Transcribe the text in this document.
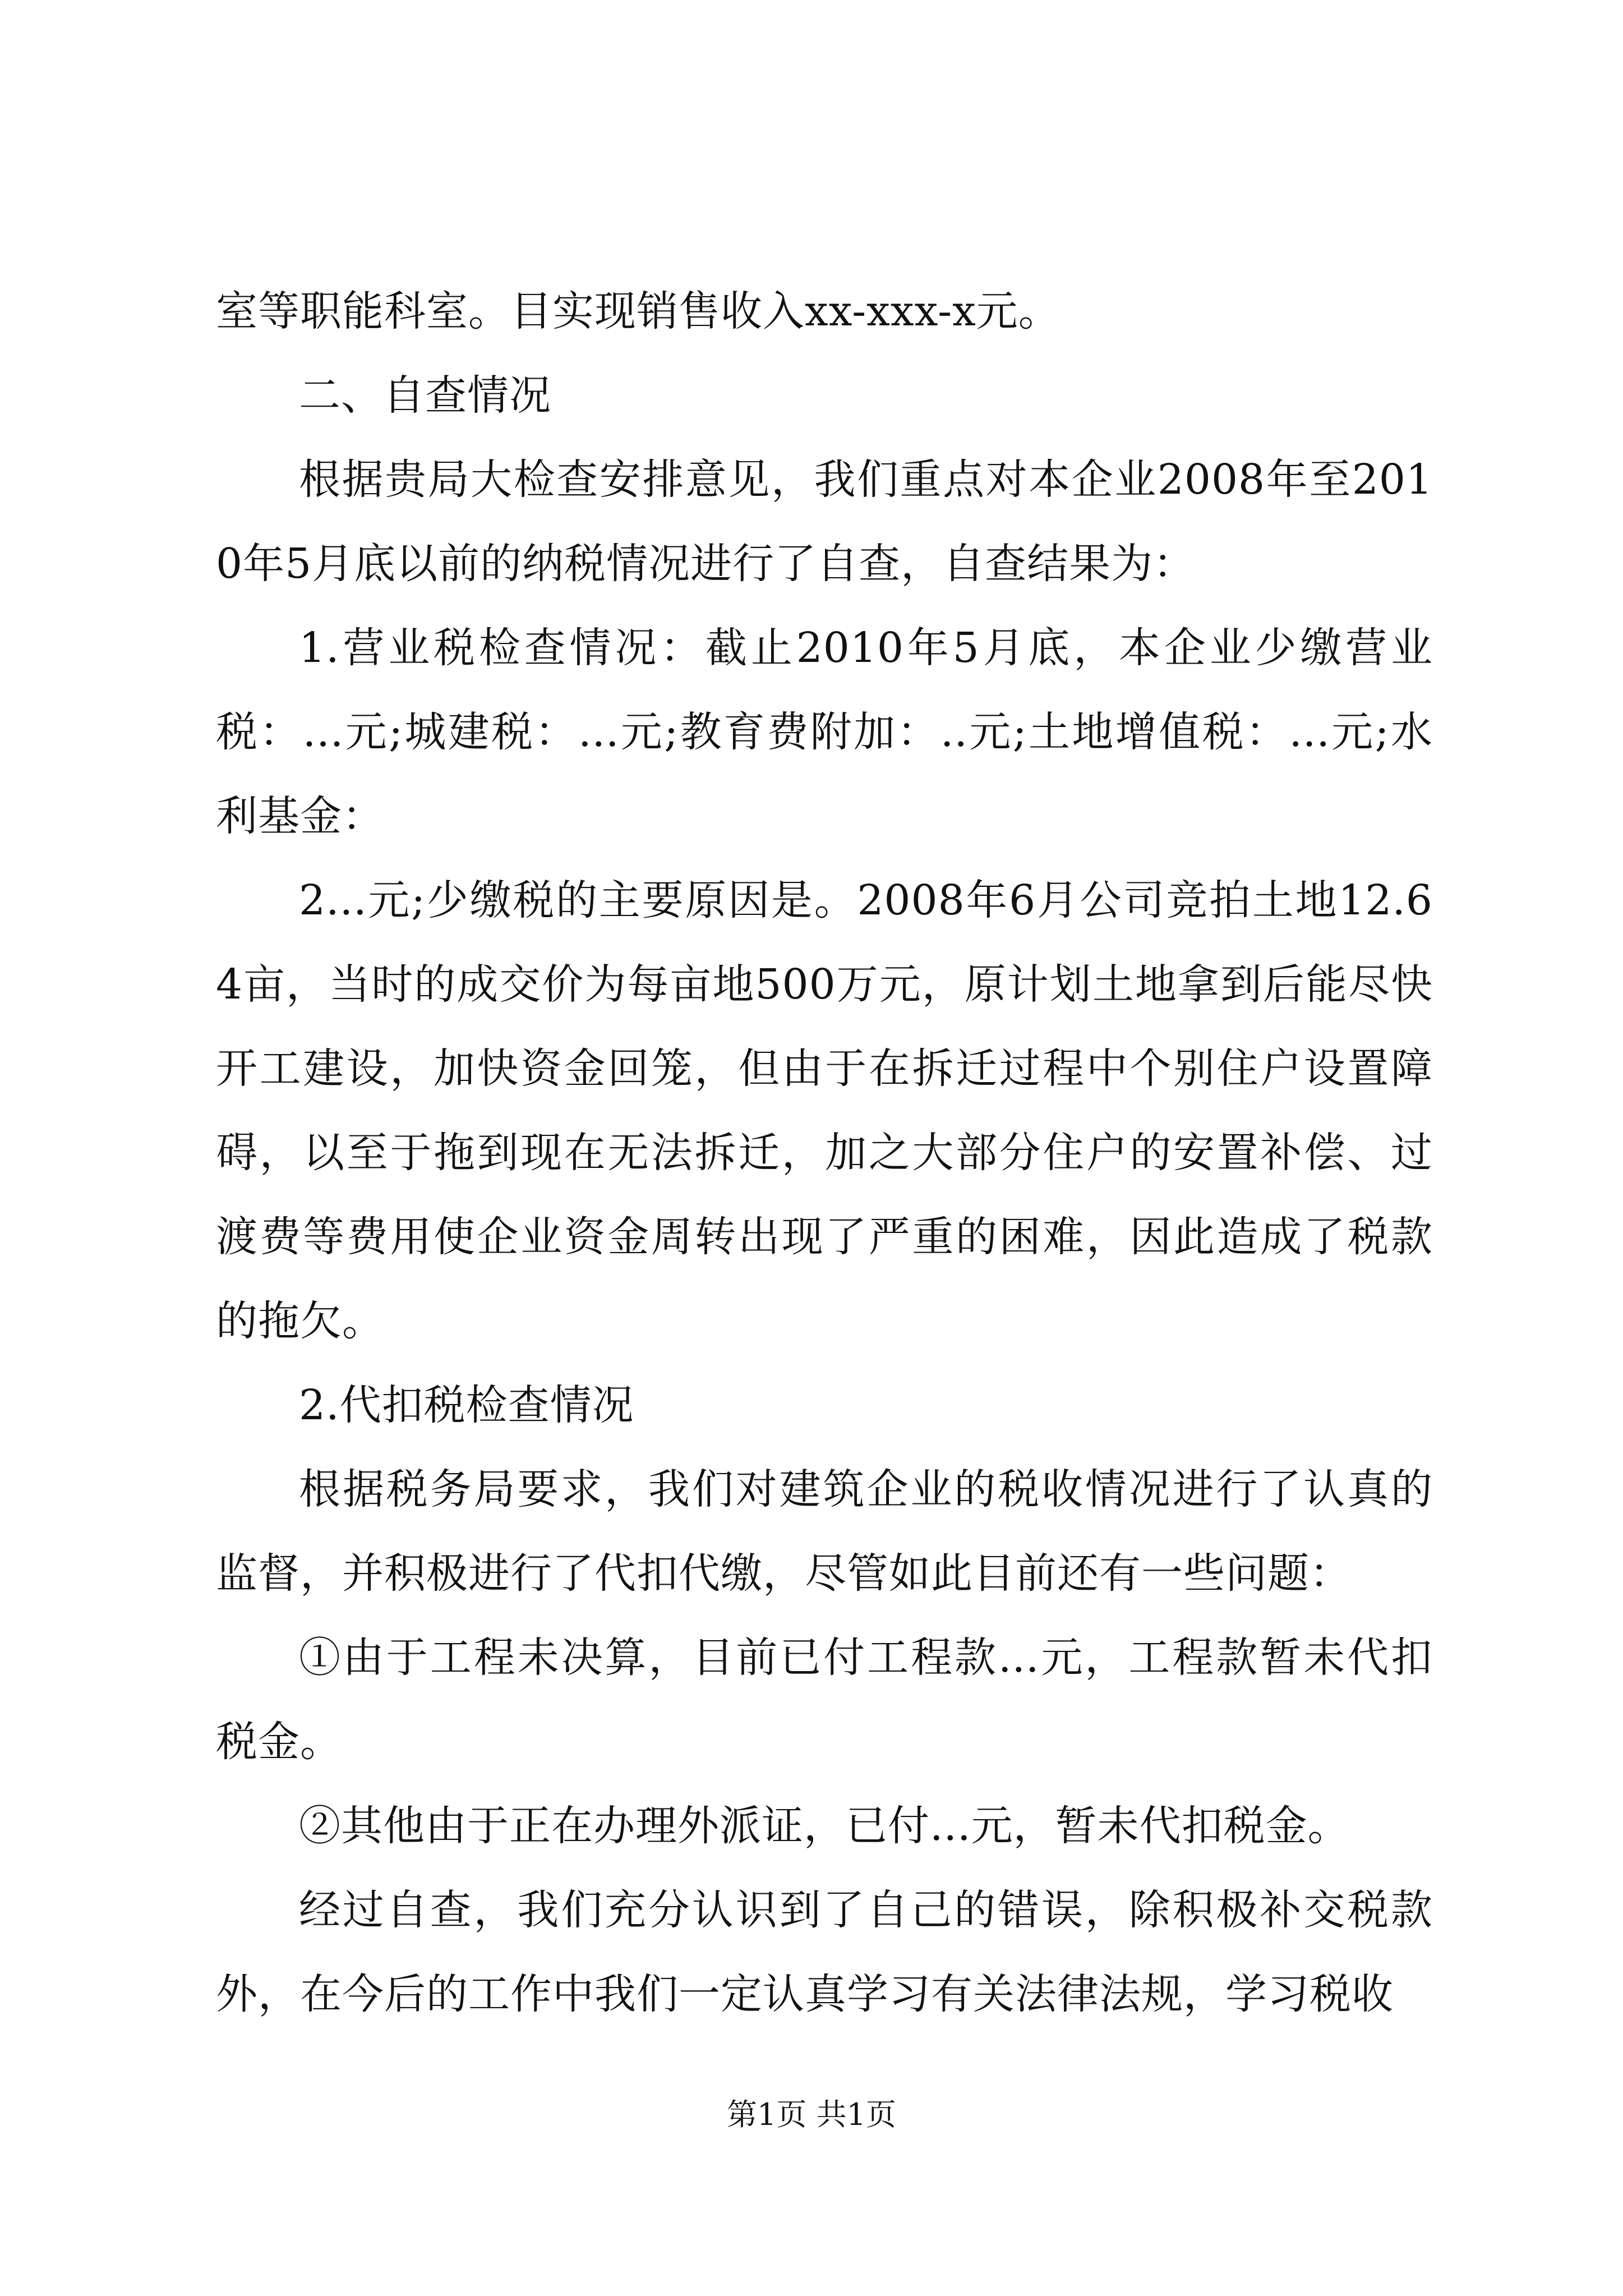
室等职能科室。目实现销售收入xx-xxx-x元。

二、自查情况

根据贵局大检查安排意见，我们重点对本企业2008年至2010年5月底以前的纳税情况进行了自查，自查结果为：

1.营业税检查情况：截止2010年5月底，本企业少缴营业税：...元;城建税：...元;教育费附加：..元;土地增值税：...元;水利基金：

2...元;少缴税的主要原因是。2008年6月公司竞拍土地12.64亩，当时的成交价为每亩地500万元，原计划土地拿到后能尽快开工建设，加快资金回笼，但由于在拆迁过程中个别住户设置障碍，以至于拖到现在无法拆迁，加之大部分住户的安置补偿、过渡费等费用使企业资金周转出现了严重的困难，因此造成了税款的拖欠。

2.代扣税检查情况

根据税务局要求，我们对建筑企业的税收情况进行了认真的监督，并积极进行了代扣代缴，尽管如此目前还有一些问题：

①由于工程未决算，目前已付工程款...元，工程款暂未代扣税金。

②其他由于正在办理外派证，已付...元，暂未代扣税金。

经过自查，我们充分认识到了自己的错误，除积极补交税款外，在今后的工作中我们一定认真学习有关法律法规，学习税收

第1页 共1页
